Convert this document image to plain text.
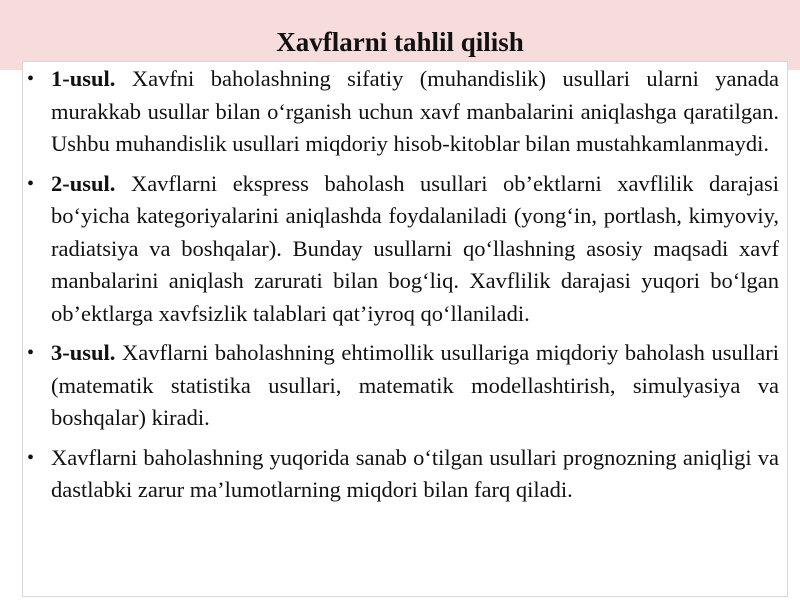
Xavflarni tahlil qilish
• 1-usul. Xavfni baholashning sifatiy (muhandislik) usullari ularni yanada murakkab usullar bilan o‘rganish uchun xavf manbalarini aniqlashga qaratilgan. Ushbu muhandislik usullari miqdoriy hisob-kitoblar bilan mustahkamlanmaydi.
• 2-usul. Xavflarni ekspress baholash usullari ob’ektlarni xavflilik darajasi bo‘yicha kategoriyalarini aniqlashda foydalaniladi (yong‘in, portlash, kimyoviy, radiatsiya va boshqalar). Bunday usullarni qo‘llashning asosiy maqsadi xavf manbalarini aniqlash zarurati bilan bog‘liq. Xavflilik darajasi yuqori bo‘lgan ob’ektlarga xavfsizlik talablari qat’iyroq qo‘llaniladi.
• 3-usul. Xavflarni baholashning ehtimollik usullariga miqdoriy baholash usullari (matematik statistika usullari, matematik modellashtirish, simulyasiya va boshqalar) kiradi.
• Xavflarni baholashning yuqorida sanab o‘tilgan usullari prognozning aniqligi va dastlabki zarur ma’lumotlarning miqdori bilan farq qiladi.
